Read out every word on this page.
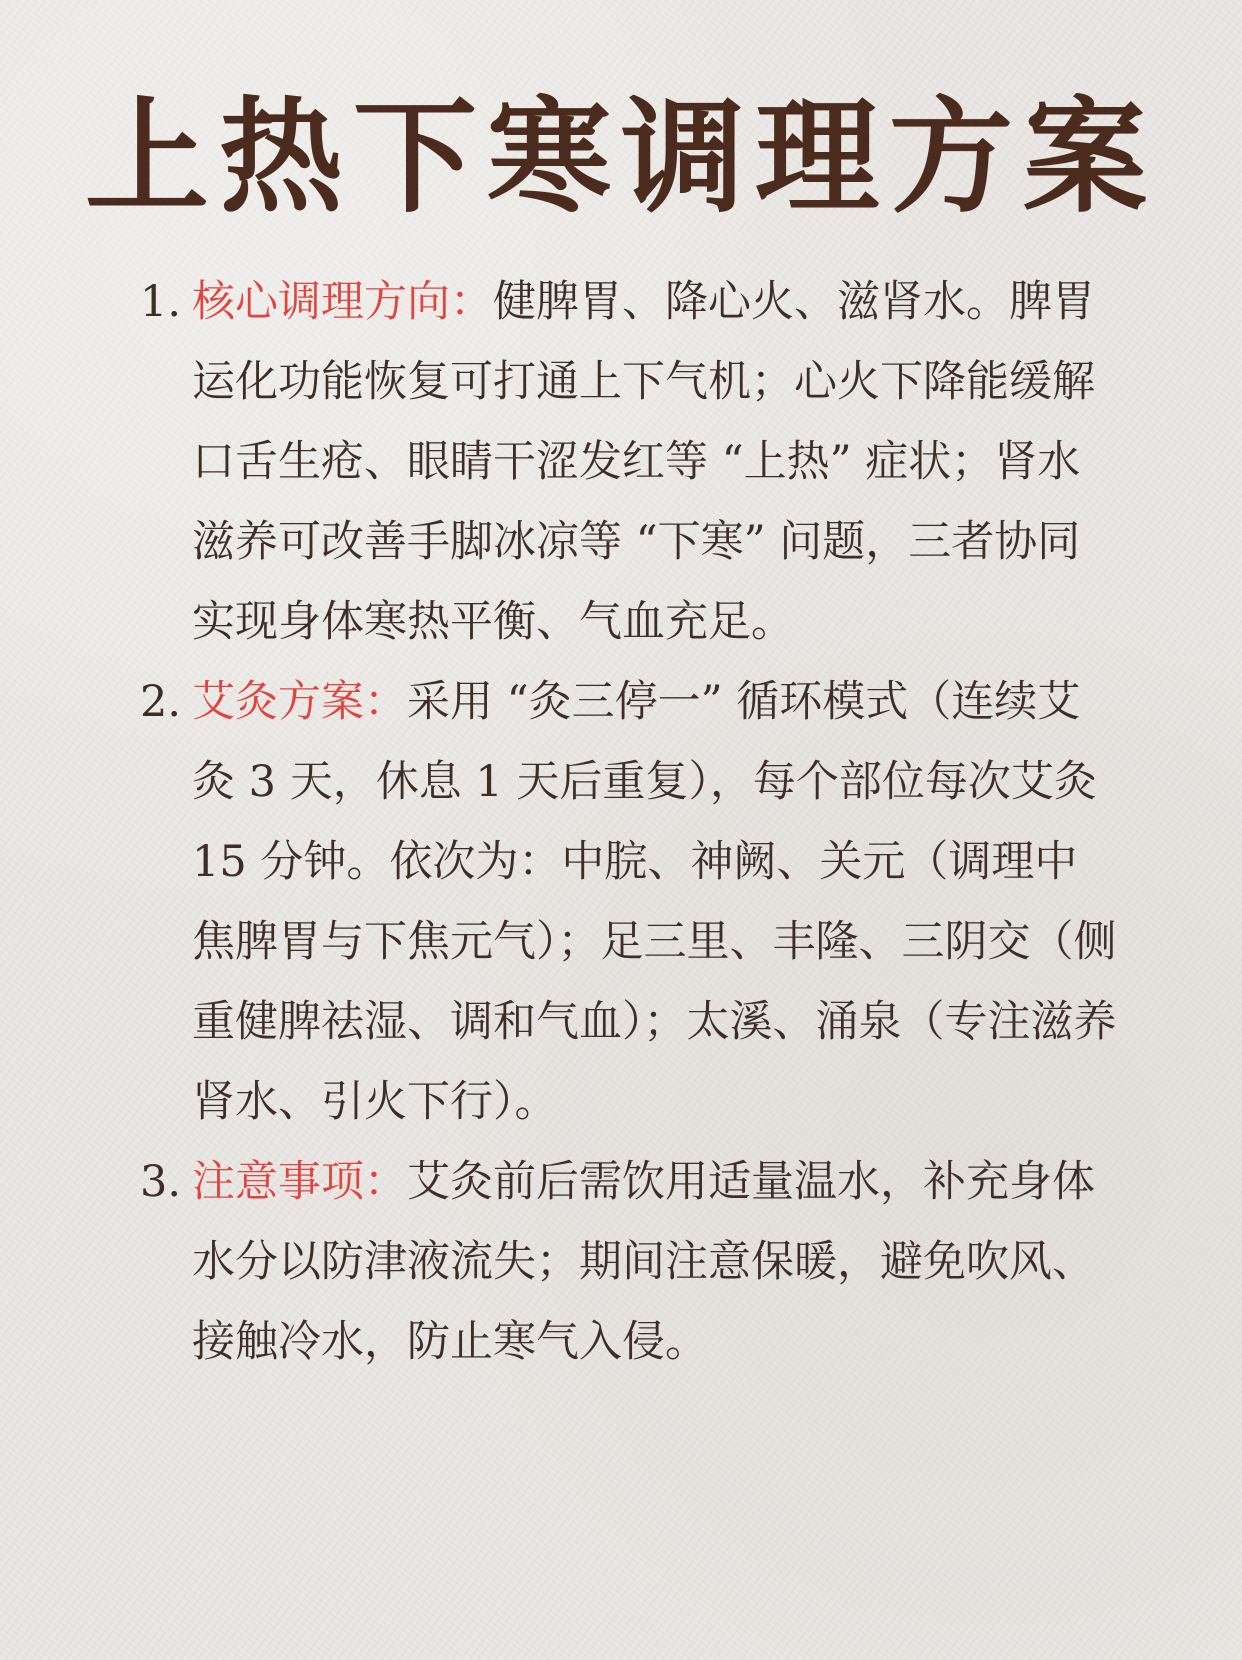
上热下寒调理方案
1. 核心调理方向：健脾胃、降心火、滋肾水。脾胃运化功能恢复可打通上下气机；心火下降能缓解口舌生疮、眼睛干涩发红等 “上热” 症状；肾水滋养可改善手脚冰凉等 “下寒” 问题，三者协同实现身体寒热平衡、气血充足。
2. 艾灸方案：采用 “灸三停一” 循环模式（连续艾灸 3 天，休息 1 天后重复），每个部位每次艾灸 15 分钟。依次为：中脘、神阙、关元（调理中焦脾胃与下焦元气）；足三里、丰隆、三阴交（侧重健脾祛湿、调和气血）；太溪、涌泉（专注滋养肾水、引火下行）。
3. 注意事项：艾灸前后需饮用适量温水，补充身体水分以防津液流失；期间注意保暖，避免吹风、接触冷水，防止寒气入侵。
